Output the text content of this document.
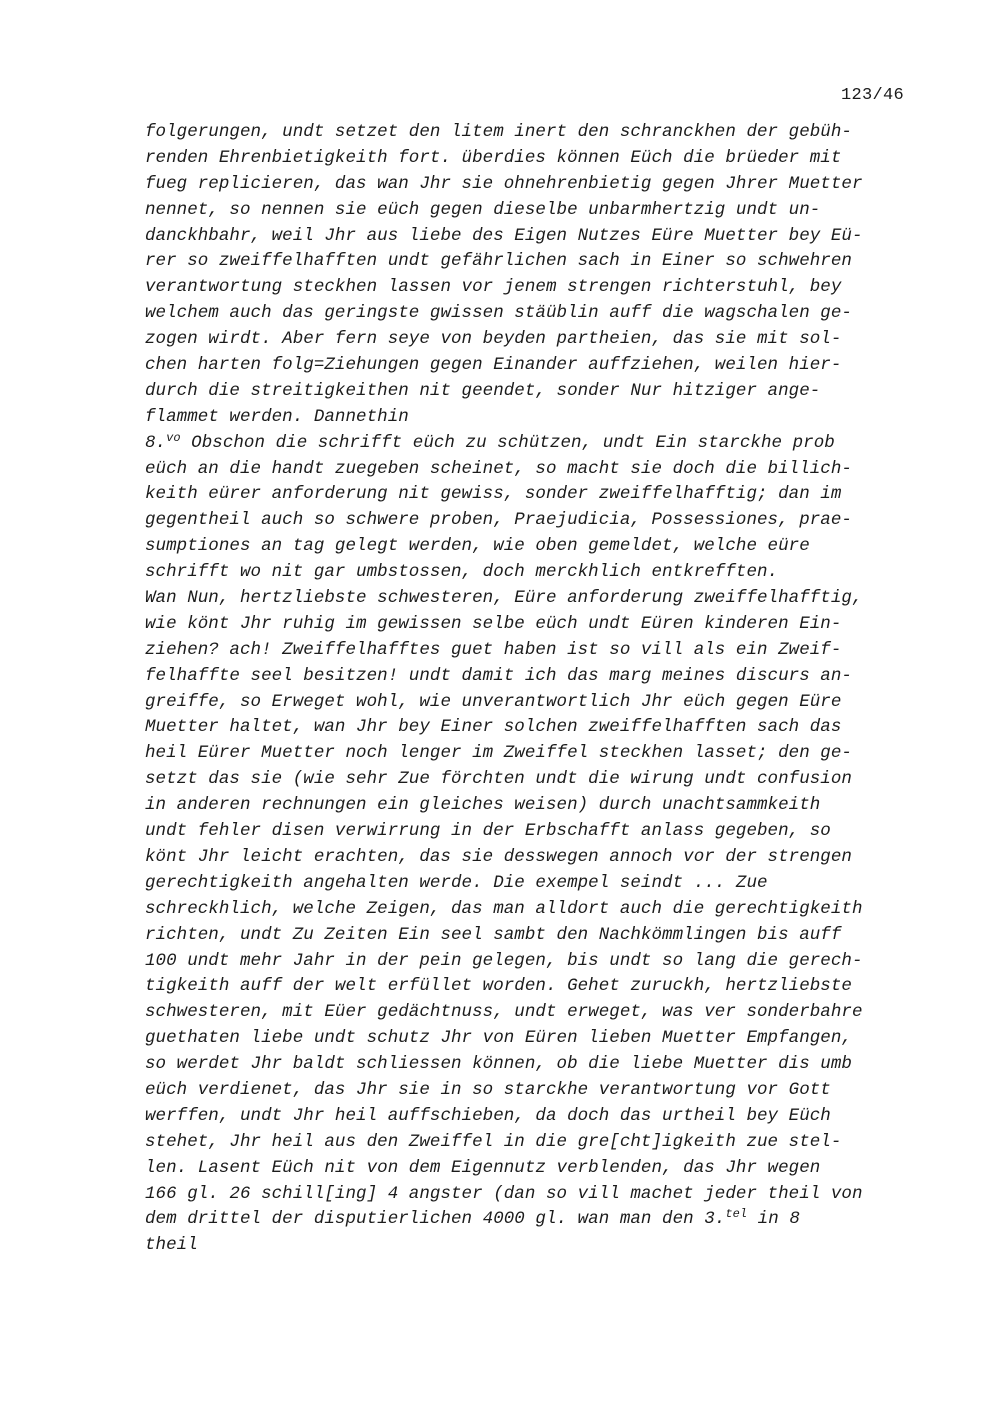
123/46
folgerungen, undt setzet den litem inert den schranckhen der gebüh-
renden Ehrenbietigkeith fort. überdies können Eüch die brüeder mit
fueg replicieren, das wan Jhr sie ohnehrenbietig gegen Jhrer Muetter
nennet, so nennen sie eüch gegen dieselbe unbarmhertzig undt un-
danckhbahr, weil Jhr aus liebe des Eigen Nutzes Eüre Muetter bey Eü-
rer so zweiffelhafften undt gefährlichen sach in Einer so schwehren
verantwortung steckhen lassen vor jenem strengen richterstuhl, bey
welchem auch das geringste gwissen stäüblin auff die wagschalen ge-
zogen wirdt. Aber fern seye von beyden partheien, das sie mit sol-
chen harten folg=Ziehungen gegen Einander auffziehen, weilen hier-
durch die streitigkeithen nit geendet, sonder Nur hitziger ange-
flammet werden. Dannethin
8.$^{vo}$ Obschon die schrifft eüch zu schützen, undt Ein starckhe prob
eüch an die handt zuegeben scheinet, so macht sie doch die billich-
keith eürer anforderung nit gewiss, sonder zweiffelhafftig; dan im
gegentheil auch so schwere proben, Praejudicia, Possessiones, prae-
sumptiones an tag gelegt werden, wie oben gemeldet, welche eüre
schrifft wo nit gar umbstossen, doch merckhlich entkrefften.
Wan Nun, hertzliebste schwesteren, Eüre anforderung zweiffelhafftig,
wie könt Jhr ruhig im gewissen selbe eüch undt Eüren kinderen Ein-
ziehen? ach! Zweiffelhafftes guet haben ist so vill als ein Zweif-
felhaffte seel besitzen! undt damit ich das marg meines discurs an-
greiffe, so Erweget wohl, wie unverantwortlich Jhr eüch gegen Eüre
Muetter haltet, wan Jhr bey Einer solchen zweiffelhafften sach das
heil Eürer Muetter noch lenger im Zweiffel steckhen lasset; den ge-
setzt das sie (wie sehr Zue förchten undt die wirung undt confusion
in anderen rechnungen ein gleiches weisen) durch unachtsammkeith
undt fehler disen verwirrung in der Erbschafft anlass gegeben, so
könt Jhr leicht erachten, das sie desswegen annoch vor der strengen
gerechtigkeith angehalten werde. Die exempel seindt ... Zue
schreckhlich, welche Zeigen, das man alldort auch die gerechtigkeith
richten, undt Zu Zeiten Ein seel sambt den Nachkömmlingen bis auff
100 undt mehr Jahr in der pein gelegen, bis undt so lang die gerech-
tigkeith auff der welt erfüllet worden. Gehet zuruckh, hertzliebste
schwesteren, mit Eüer gedächtnuss, undt erweget, was ver sonderbahre
guethaten liebe undt schutz Jhr von Eüren lieben Muetter Empfangen,
so werdet Jhr baldt schliessen können, ob die liebe Muetter dis umb
eüch verdienet, das Jhr sie in so starckhe verantwortung vor Gott
werffen, undt Jhr heil auffschieben, da doch das urtheil bey Eüch
stehet, Jhr heil aus den Zweiffel in die gre[cht]igkeith zue stel-
len. Lasent Eüch nit von dem Eigennutz verblenden, das Jhr wegen
166 gl. 26 schill[ing] 4 angster (dan so vill machet jeder theil von
dem drittel der disputierlichen 4000 gl. wan man den 3.$^{tel}$ in 8
theil
